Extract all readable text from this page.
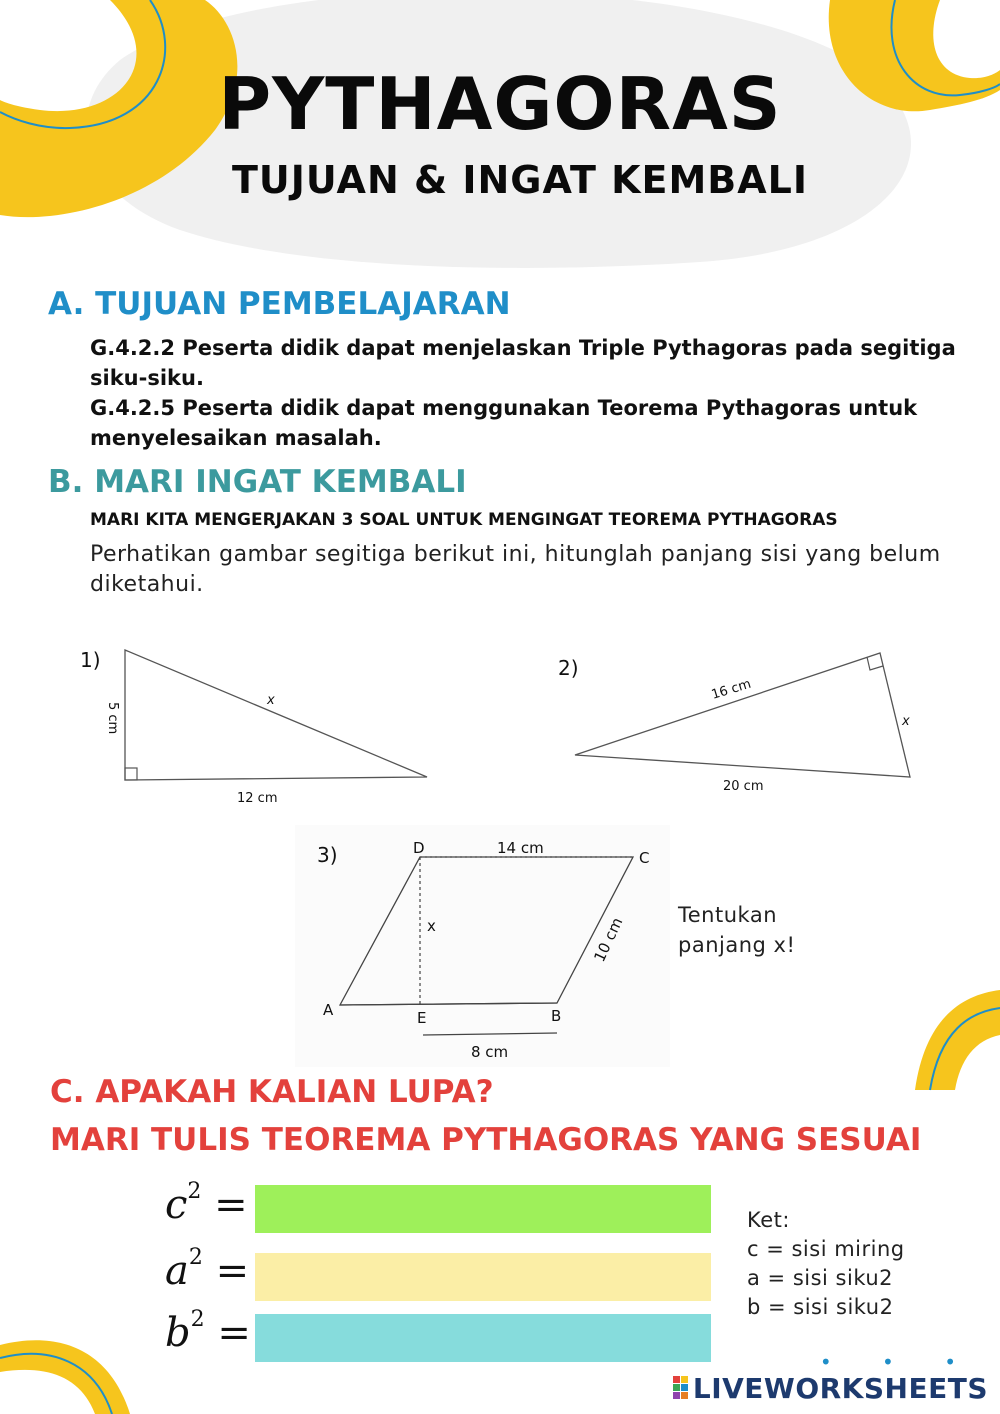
PYTHAGORAS
TUJUAN & INGAT KEMBALI
A. TUJUAN PEMBELAJARAN
G.4.2.2 Peserta didik dapat menjelaskan Triple Pythagoras pada segitiga siku-siku.
G.4.2.5 Peserta didik dapat menggunakan Teorema Pythagoras untuk menyelesaikan masalah.
B. MARI INGAT KEMBALI
MARI KITA MENGERJAKAN 3 SOAL UNTUK MENGINGAT TEOREMA PYTHAGORAS
Perhatikan gambar segitiga berikut ini, hitunglah panjang sisi yang belum diketahui.
1)
5 cm
12 cm
x
2)
16 cm
20 cm
x
3)	D	14 cm
C
x	10 cm
A	E	B
8 cm
Tentukan panjang x!
C. APAKAH KALIAN LUPA?
MARI TULIS TEOREMA PYTHAGORAS YANG SESUAI
$c^2$ =
$a^2$ =
$b^2$ =
Ket:
c = sisi miring
a = sisi siku2
b = sisi siku2
• • •
LIVEWORKSHEETS
